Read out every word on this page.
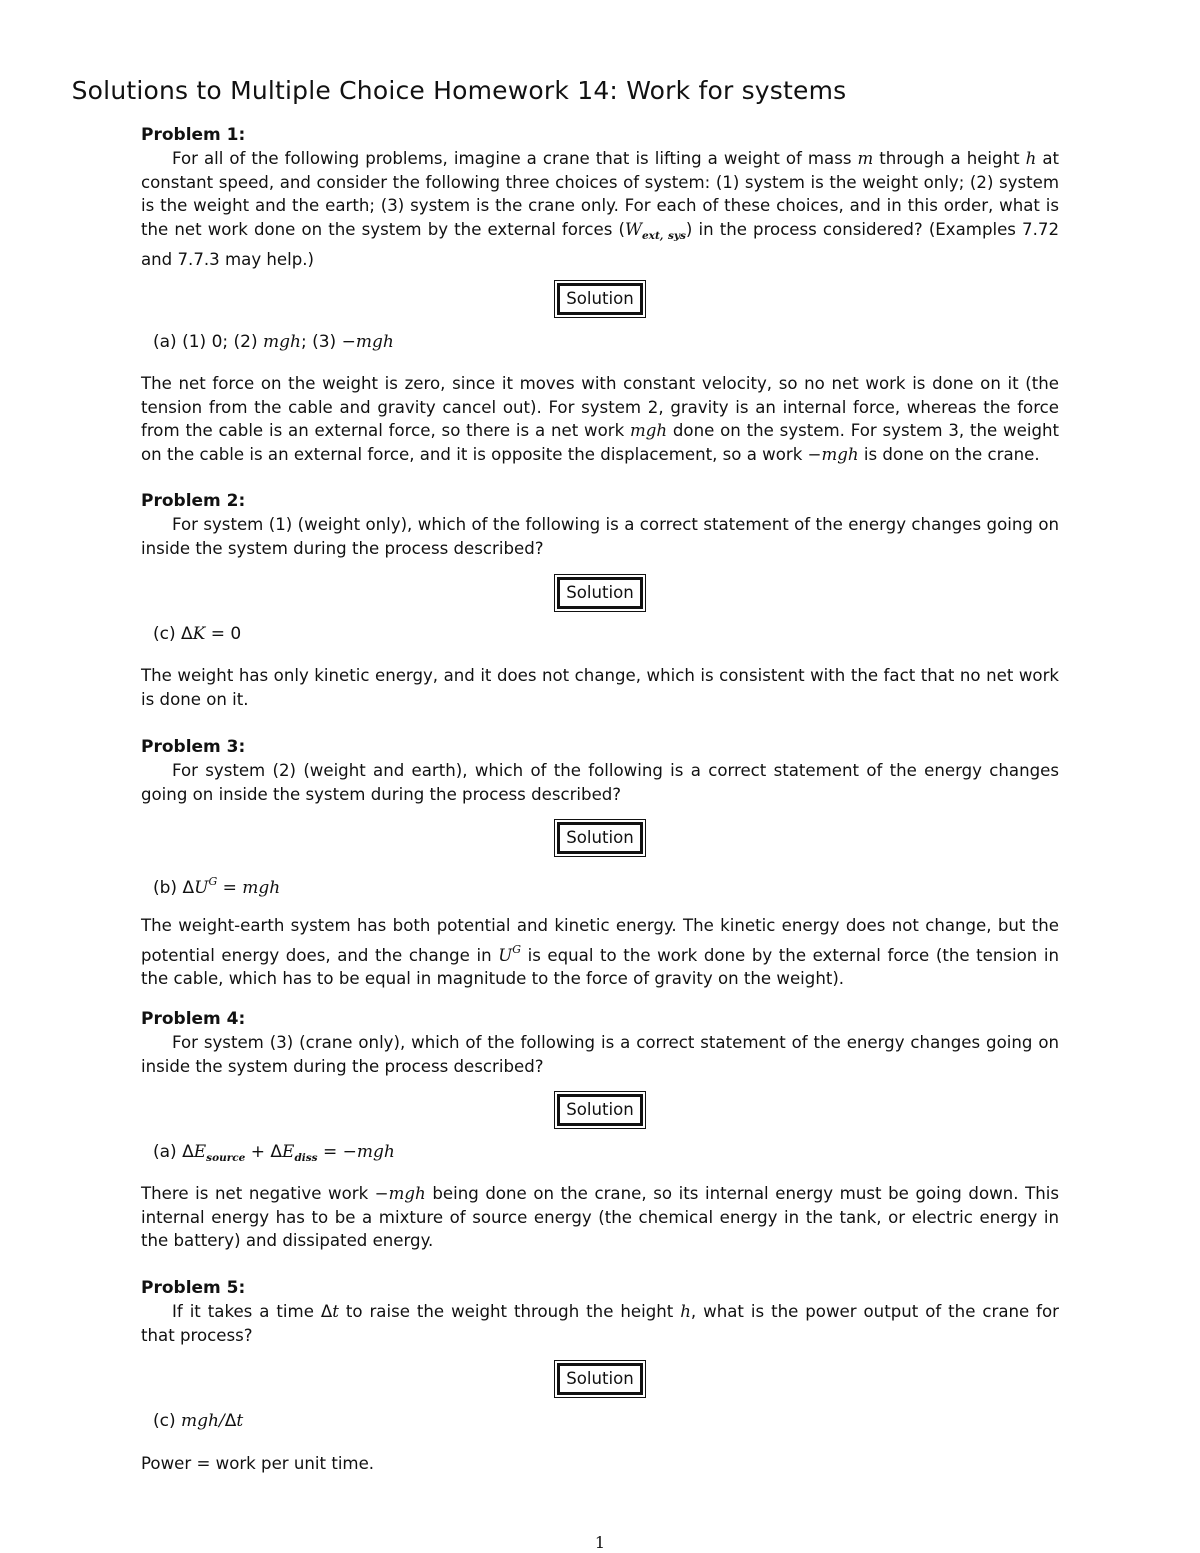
Solutions to Multiple Choice Homework 14: Work for systems
Problem 1:

For all of the following problems, imagine a crane that is lifting a weight of mass m through a height h at constant speed, and consider the following three choices of system: (1) system is the weight only; (2) system is the weight and the earth; (3) system is the crane only. For each of these choices, and in this order, what is the net work done on the system by the external forces $(W_{ext, sys})$ in the process considered? (Examples 7.72 and 7.7.3 may help.)

Solution
(a) (1) 0; (2) mgh; (3) −mgh

The net force on the weight is zero, since it moves with constant velocity, so no net work is done on it (the tension from the cable and gravity cancel out). For system 2, gravity is an internal force, whereas the force from the cable is an external force, so there is a net work mgh done on the system. For system 3, the weight on the cable is an external force, and it is opposite the displacement, so a work −mgh is done on the crane.

Problem 2:

For system (1) (weight only), which of the following is a correct statement of the energy changes going on inside the system during the process described?

Solution
(c) ΔK = 0

The weight has only kinetic energy, and it does not change, which is consistent with the fact that no net work is done on it.

Problem 3:

For system (2) (weight and earth), which of the following is a correct statement of the energy changes going on inside the system during the process described?

Solution
(b) $\Delta U^G$ = mgh

The weight-earth system has both potential and kinetic energy. The kinetic energy does not change, but the potential energy does, and the change in $U^G$ is equal to the work done by the external force (the tension in the cable, which has to be equal in magnitude to the force of gravity on the weight).

Problem 4:

For system (3) (crane only), which of the following is a correct statement of the energy changes going on inside the system during the process described?

Solution
(a) $\Delta E_{source} + \Delta E_{diss} = -mgh$

There is net negative work −mgh being done on the crane, so its internal energy must be going down. This internal energy has to be a mixture of source energy (the chemical energy in the tank, or electric energy in the battery) and dissipated energy.

Problem 5:

If it takes a time Δt to raise the weight through the height h, what is the power output of the crane for that process?

Solution
(c) mgh/Δt

Power = work per unit time.

1
